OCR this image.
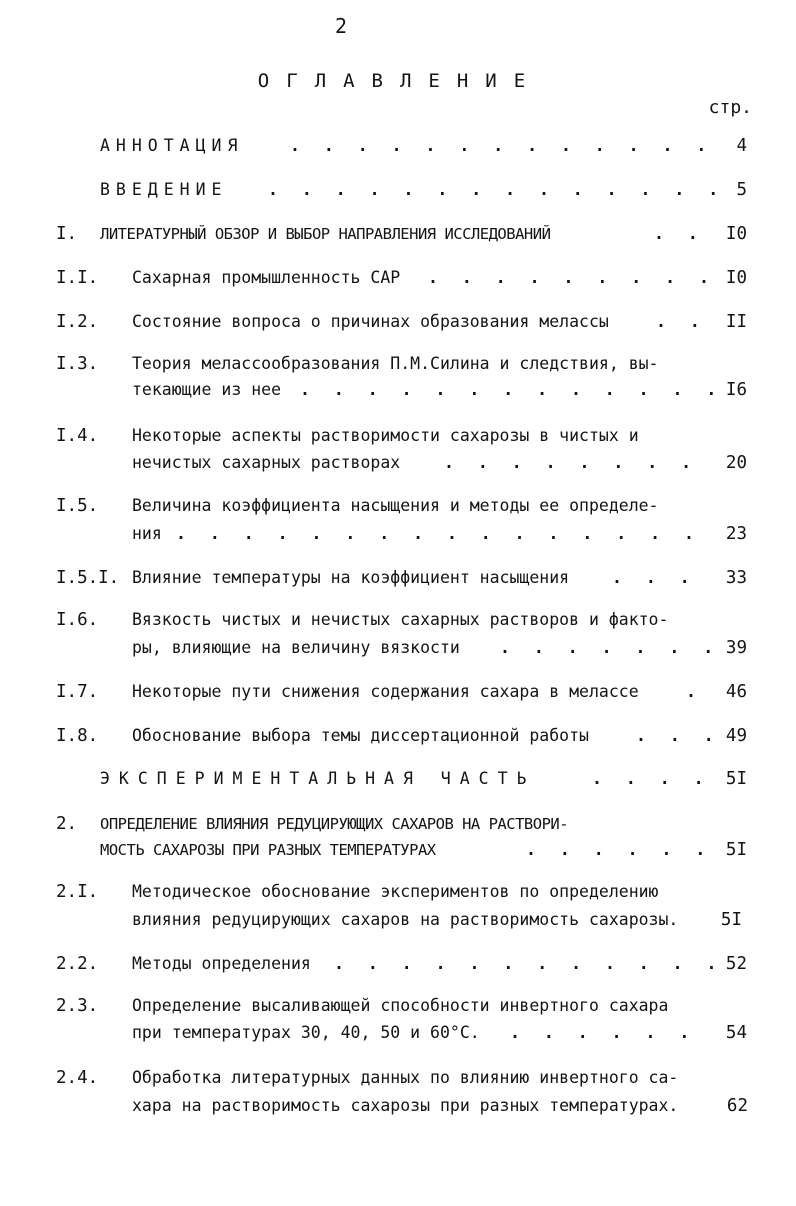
2
ОГЛАВЛЕНИЕ
стр.
АННОТАЦИЯ . . .	4
ВВЕДЕНИЕ . . .	5
I. ЛИТЕРАТУРНЫЙ ОБЗОР И ВЫБОР НАПРАВЛЕНИЯ ИССЛЕДОВАНИЙ . . .	I0
I.I. Сахарная промышленность САР . . .	I0
I.2. Состояние вопроса о причинах образования мелассы . . .	II
I.3. Теория мелассообразования П.М.Силина и следствия, вы-
текающие из нее . . .	I6
I.4. Некоторые аспекты растворимости сахарозы в чистых и
нечистых сахарных растворах . . .	20
I.5. Величина коэффициента насыщения и методы ее определе-
ния . . .	23
I.5.I. Влияние температуры на коэффициент насыщения . . .	33
I.6. Вязкость чистых и нечистых сахарных растворов и факто-
ры, влияющие на величину вязкости . . .	39
I.7. Некоторые пути снижения содержания сахара в мелассе . . .	46
I.8. Обоснование выбора темы диссертационной работы . . .	49
ЭКСПЕРИМЕНТАЛЬНАЯ ЧАСТЬ . . .	5I
2. ОПРЕДЕЛЕНИЕ ВЛИЯНИЯ РЕДУЦИРУЮЩИХ САХАРОВ НА РАСТВОРИ-
МОСТЬ САХАРОЗЫ ПРИ РАЗНЫХ ТЕМПЕРАТУРАХ . . .	5I
2.I. Методическое обоснование экспериментов по определению
влияния редуцирующих сахаров на растворимость сахарозы. 5I
2.2. Методы определения . . .	52
2.3. Определение высаливающей способности инвертного сахара
при температурах 30, 40, 50 и 60°С. . . .	54
2.4. Обработка литературных данных по влиянию инвертного са-
хара на растворимость сахарозы при разных температурах.	62
